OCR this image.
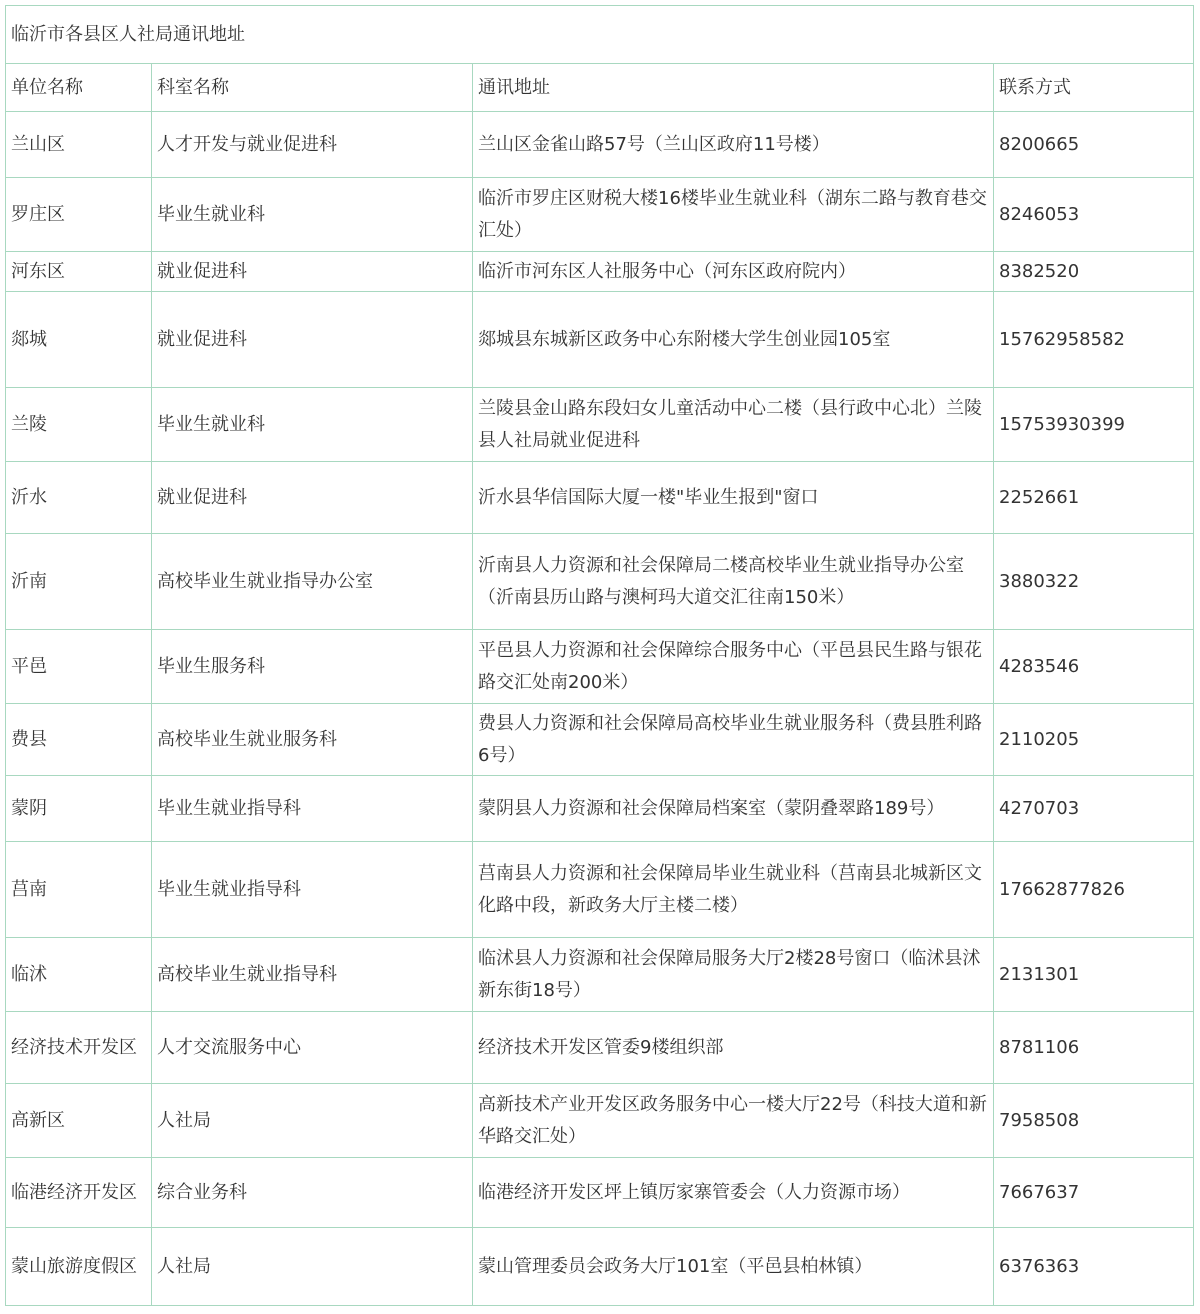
临沂市各县区人社局通讯地址			
单位名称	科室名称	通讯地址	联系方式
兰山区	人才开发与就业促进科	兰山区金雀山路57号（兰山区政府11号楼）	8200665
罗庄区	毕业生就业科	临沂市罗庄区财税大楼16楼毕业生就业科（湖东二路与教育巷交汇处）	8246053
河东区	就业促进科	临沂市河东区人社服务中心（河东区政府院内）	8382520
郯城	就业促进科	郯城县东城新区政务中心东附楼大学生创业园105室	15762958582
兰陵	毕业生就业科	兰陵县金山路东段妇女儿童活动中心二楼（县行政中心北）兰陵县人社局就业促进科	15753930399
沂水	就业促进科	沂水县华信国际大厦一楼"毕业生报到"窗口	2252661
沂南	高校毕业生就业指导办公室	沂南县人力资源和社会保障局二楼高校毕业生就业指导办公室（沂南县历山路与澳柯玛大道交汇往南150米）	3880322
平邑	毕业生服务科	平邑县人力资源和社会保障综合服务中心（平邑县民生路与银花路交汇处南200米）	4283546
费县	高校毕业生就业服务科	费县人力资源和社会保障局高校毕业生就业服务科（费县胜利路6号）	2110205
蒙阴	毕业生就业指导科	蒙阴县人力资源和社会保障局档案室（蒙阴叠翠路189号）	4270703
莒南	毕业生就业指导科	莒南县人力资源和社会保障局毕业生就业科（莒南县北城新区文化路中段，新政务大厅主楼二楼）	17662877826
临沭	高校毕业生就业指导科	临沭县人力资源和社会保障局服务大厅2楼28号窗口（临沭县沭新东街18号）	2131301
经济技术开发区	人才交流服务中心	经济技术开发区管委9楼组织部	8781106
高新区	人社局	高新技术产业开发区政务服务中心一楼大厅22号（科技大道和新华路交汇处）	7958508
临港经济开发区	综合业务科	临港经济开发区坪上镇厉家寨管委会（人力资源市场）	7667637
蒙山旅游度假区	人社局	蒙山管理委员会政务大厅101室（平邑县柏林镇）	6376363
